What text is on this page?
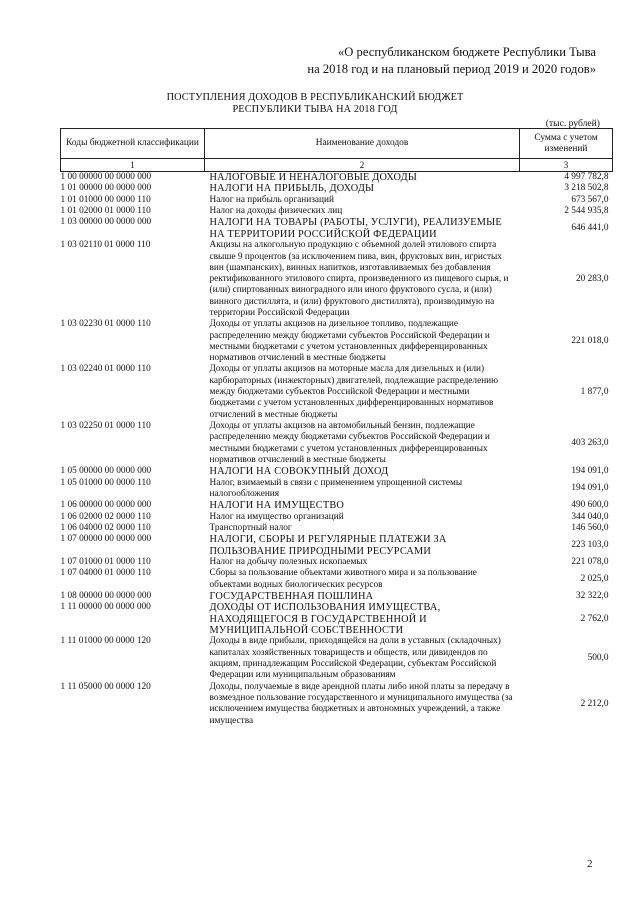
«О республиканском бюджете Республики Тыва
на 2018 год и на плановый период 2019 и 2020 годов»
ПОСТУПЛЕНИЯ ДОХОДОВ В РЕСПУБЛИКАНСКИЙ БЮДЖЕТ
РЕСПУБЛИКИ ТЫВА НА 2018 ГОД
(тыс. рублей)
Коды бюджетной классификации	Наименование доходов	Сумма с учетом изменений
1	2	3
1 00 00000 00 0000 000	НАЛОГОВЫЕ И НЕНАЛОГОВЫЕ ДОХОДЫ	4 997 782,8
1 01 00000 00 0000 000	НАЛОГИ НА ПРИБЫЛЬ, ДОХОДЫ	3 218 502,8
1 01 01000 00 0000 110	Налог на прибыль организаций	673 567,0
1 01 02000 01 0000 110	Налог на доходы физических лиц	2 544 935,8
1 03 00000 00 0000 000	НАЛОГИ НА ТОВАРЫ (РАБОТЫ, УСЛУГИ), РЕАЛИЗУЕМЫЕ НА ТЕРРИТОРИИ РОССИЙСКОЙ ФЕДЕРАЦИИ	646 441,0
1 03 02110 01 0000 110	Акцизы на алкогольную продукцию с объемной долей этилового спирта свыше 9 процентов (за исключением пива, вин, фруктовых вин, игристых вин (шампанских), винных напитков, изготавливаемых без добавления ректификованного этилового спирта, произведенного из пищевого сырья, и (или) спиртованных виноградного или иного фруктового сусла, и (или) винного дистиллята, и (или) фруктового дистиллята), производимую на территории Российской Федерации	20 283,0
1 03 02230 01 0000 110	Доходы от уплаты акцизов на дизельное топливо, подлежащие распределению между бюджетами субъектов Российской Федерации и местными бюджетами с учетом установленных дифференцированных нормативов отчислений в местные бюджеты	221 018,0
1 03 02240 01 0000 110	Доходы от уплаты акцизов на моторные масла для дизельных и (или) карбюраторных (инжекторных) двигателей, подлежащие распределению между бюджетами субъектов Российской Федерации и местными бюджетами с учетом установленных дифференцированных нормативов отчислений в местные бюджеты	1 877,0
1 03 02250 01 0000 110	Доходы от уплаты акцизов на автомобильный бензин, подлежащие распределению между бюджетами субъектов Российской Федерации и местными бюджетами с учетом установленных дифференцированных нормативов отчислений в местные бюджеты	403 263,0
1 05 00000 00 0000 000	НАЛОГИ НА СОВОКУПНЫЙ ДОХОД	194 091,0
1 05 01000 00 0000 110	Налог, взимаемый в связи с применением упрощенной системы налогообложения	194 091,0
1 06 00000 00 0000 000	НАЛОГИ НА ИМУЩЕСТВО	490 600,0
1 06 02000 02 0000 110	Налог на имущество организаций	344 040,0
1 06 04000 02 0000 110	Транспортный налог	146 560,0
1 07 00000 00 0000 000	НАЛОГИ, СБОРЫ И РЕГУЛЯРНЫЕ ПЛАТЕЖИ ЗА ПОЛЬЗОВАНИЕ ПРИРОДНЫМИ РЕСУРСАМИ	223 103,0
1 07 01000 01 0000 110	Налог на добычу полезных ископаемых	221 078,0
1 07 04000 01 0000 110	Сборы за пользование объектами животного мира и за пользование объектами водных биологических ресурсов	2 025,0
1 08 00000 00 0000 000	ГОСУДАРСТВЕННАЯ ПОШЛИНА	32 322,0
1 11 00000 00 0000 000	ДОХОДЫ ОТ ИСПОЛЬЗОВАНИЯ ИМУЩЕСТВА, НАХОДЯЩЕГОСЯ В ГОСУДАРСТВЕННОЙ И МУНИЦИПАЛЬНОЙ СОБСТВЕННОСТИ	2 762,0
1 11 01000 00 0000 120	Доходы в виде прибыли, приходящейся на доли в уставных (складочных) капиталах хозяйственных товариществ и обществ, или дивидендов по акциям, принадлежащим Российской Федерации, субъектам Российской Федерации или муниципальным образованиям	500,0
1 11 05000 00 0000 120	Доходы, получаемые в виде арендной платы либо иной платы за передачу в возмездное пользование государственного и муниципального имущества (за исключением имущества бюджетных и автономных учреждений, а также имущества	2 212,0
2
